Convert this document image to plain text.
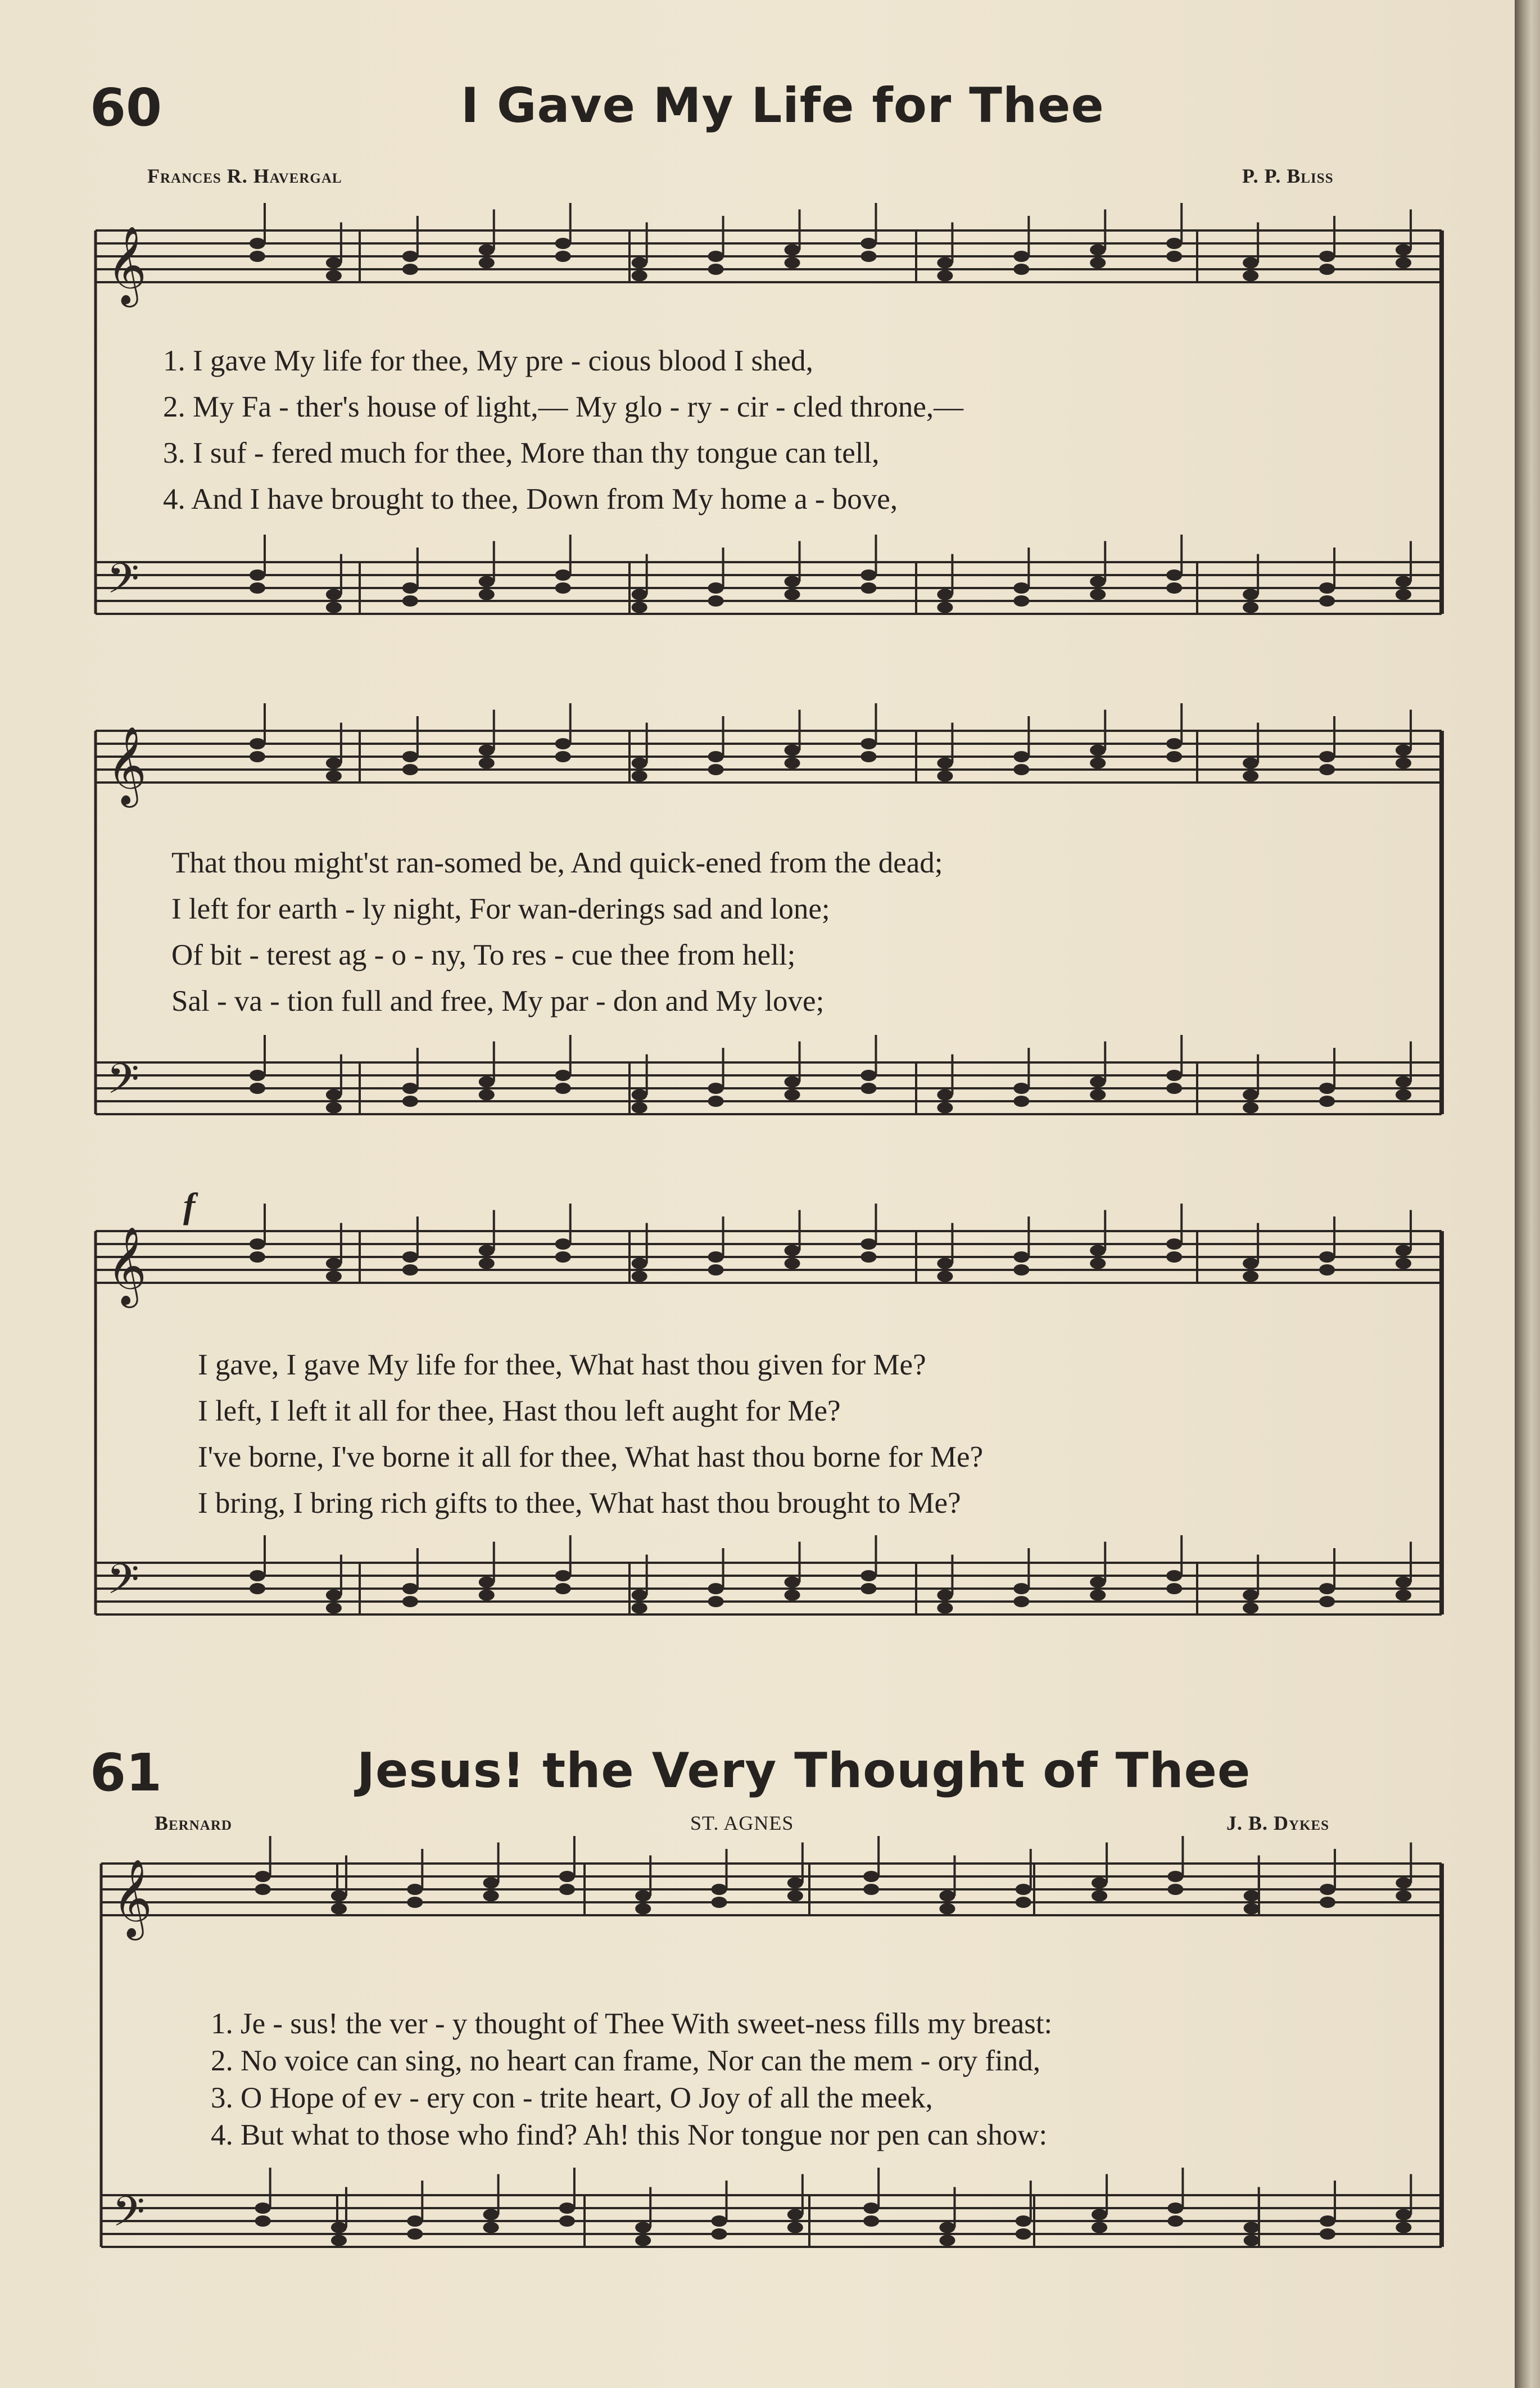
60	I Gave My Life for Thee
Frances R. Havergal	P. P. Bliss
1. I gave My life for thee, My pre - cious blood I shed,
2. My Fa - ther's house of light,— My glo - ry - cir - cled throne,—
3. I suf - fered much for thee, More than thy tongue can tell,
4. And I have brought to thee, Down from My home a - bove,
That thou might'st ran-somed be, And quick-ened from the dead;
I left for earth - ly night, For wan-derings sad and lone;
Of bit - terest ag - o - ny, To res - cue thee from hell;
Sal - va - tion full and free, My par - don and My love;
f
I gave, I gave My life for thee, What hast thou given for Me?
I left, I left it all for thee, Hast thou left aught for Me?
I've borne, I've borne it all for thee, What hast thou borne for Me?
I bring, I bring rich gifts to thee, What hast thou brought to Me?
61	Jesus! the Very Thought of Thee
Bernard	ST. AGNES	J. B. Dykes
1. Je - sus! the ver - y thought of Thee With sweet-ness fills my breast:
2. No voice can sing, no heart can frame, Nor can the mem - ory find,
3. O Hope of ev - ery con - trite heart, O Joy of all the meek,
4. But what to those who find? Ah! this Nor tongue nor pen can show:
𝄞
𝄢
𝄞
𝄢
𝄞
𝄢
𝄞
𝄢
